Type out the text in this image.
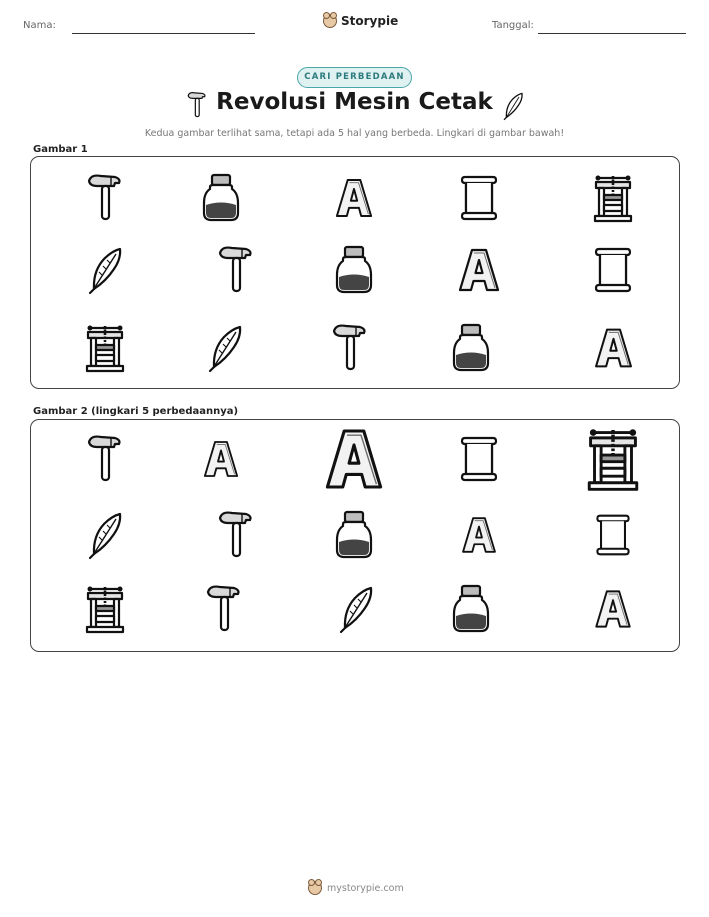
Nama:	Storypie	Tanggal:
CARI PERBEDAAN
Revolusi Mesin Cetak
Kedua gambar terlihat sama, tetapi ada 5 hal yang berbeda. Lingkari di gambar bawah!
Gambar 1
Gambar 2 (lingkari 5 perbedaannya)
mystorypie.com
